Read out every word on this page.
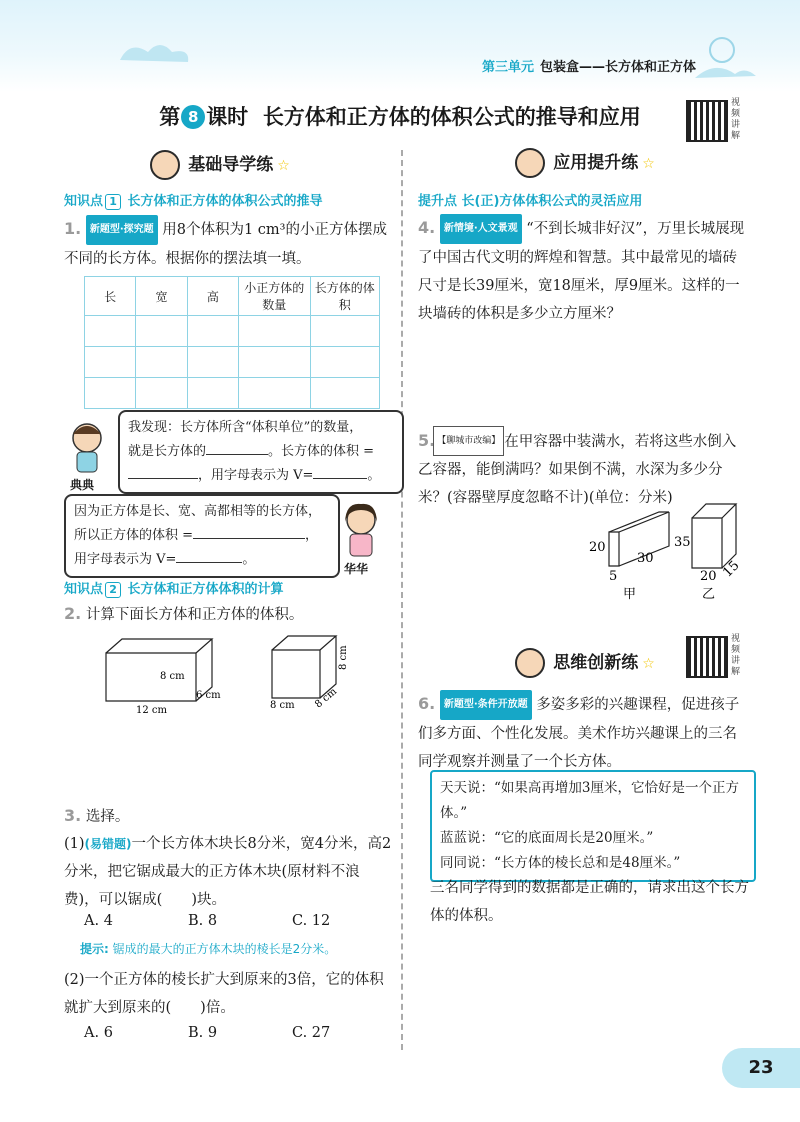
第三单元 包装盒——长方体和正方体
第 8 课时 长方体和正方体的体积公式的推导和应用
视频讲解
基础导学练 ☆
知识点 1 长方体和正方体的体积公式的推导
1. 新题型·探究题 用8个体积为1 cm³的小正方体摆成不同的长方体。根据你的摆法填一填。
长	宽	高	小正方体的数量	长方体的体积

典典
我发现：长方体所含“体积单位”的数量，
就是长方体的	。长方体的体积 =
，用字母表示为 V=	。
因为正方体是长、宽、高都相等的长方体，
所以正方体的体积 =	，
用字母表示为 V=	。
华华
知识点 2 长方体和正方体体积的计算
2. 计算下面长方体和正方体的体积。
8 cm
6 cm
12 cm	8 cm 8 cm
8 cm
3. 选择。
(1)(易错题)一个长方体木块长8分米，宽4分米，高2分米，把它锯成最大的正方体木块(原材料不浪费)，可以锯成(　　)块。
A. 4	B. 8	C. 12
提示: 锯成的最大的正方体木块的棱长是2分米。
(2)一个正方体的棱长扩大到原来的3倍，它的体积就扩大到原来的(　　)倍。
A. 6	B. 9	C. 27
应用提升练 ☆
提升点 长(正)方体体积公式的灵活应用
4. 新情境·人文景观 “不到长城非好汉”，万里长城展现了中国古代文明的辉煌和智慧。其中最常见的墙砖尺寸是长39厘米，宽18厘米，厚9厘米。这样的一块墙砖的体积是多少立方厘米？
5. 【聊城市改编】 在甲容器中装满水，若将这些水倒入乙容器，能倒满吗？如果倒不满，水深为多少分米？(容器壁厚度忽略不计)(单位：分米)
20
30
5
甲
35
20 15
乙
思维创新练 ☆
视频讲解
6. 新题型·条件开放题 多姿多彩的兴趣课程，促进孩子们多方面、个性化发展。美术作坊兴趣课上的三名同学观察并测量了一个长方体。
天天说：“如果高再增加3厘米，它恰好是一个正方体。”
蓝蓝说：“它的底面周长是20厘米。”
同同说：“长方体的棱长总和是48厘米。”
三名同学得到的数据都是正确的，请求出这个长方体的体积。
23
